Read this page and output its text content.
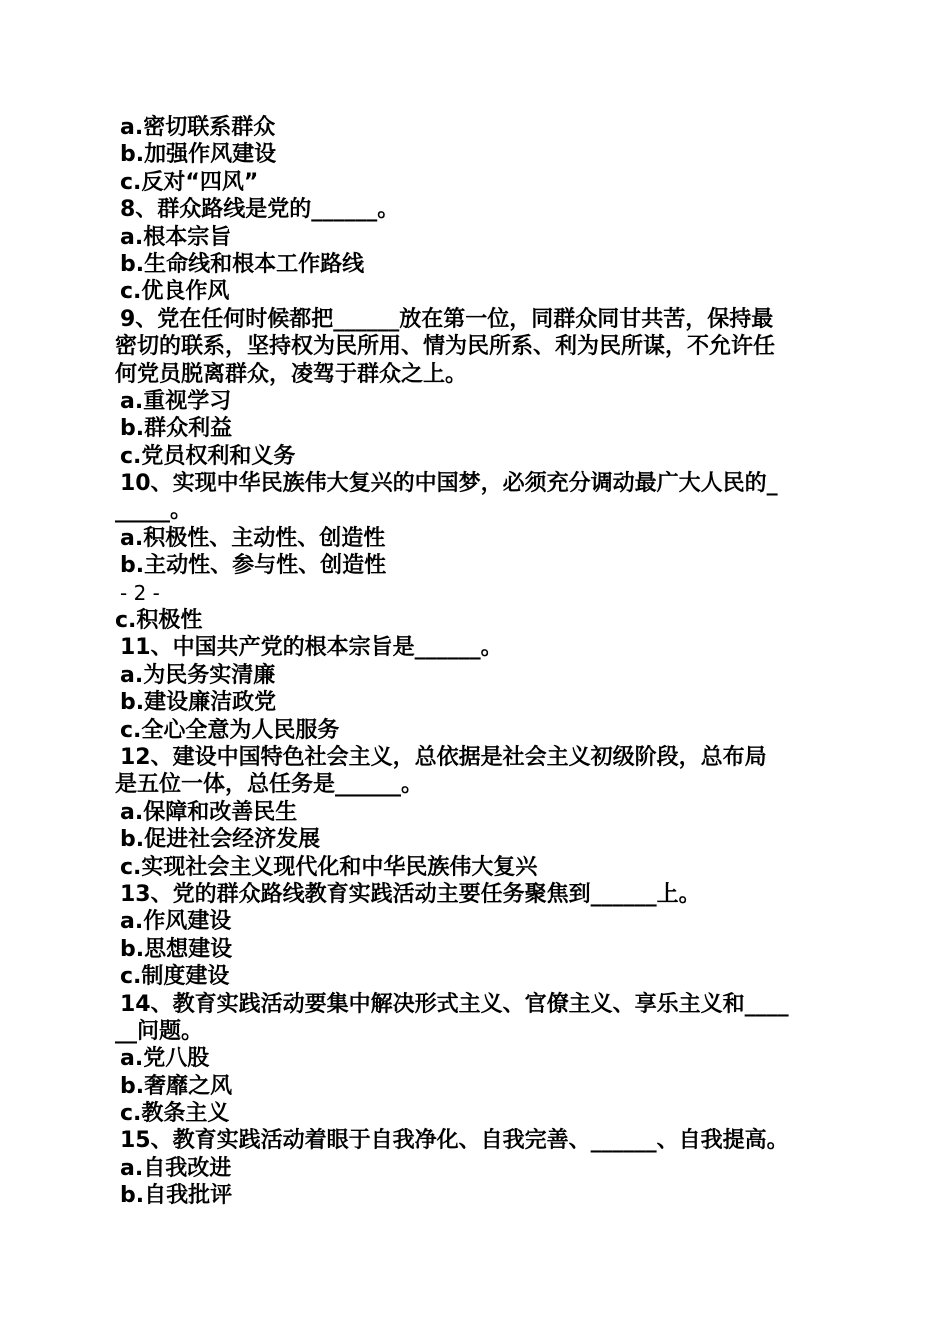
a.密切联系群众
b.加强作风建设
c.反对“四风”
8、群众路线是党的______。
a.根本宗旨
b.生命线和根本工作路线
c.优良作风
9、党在任何时候都把______放在第一位，同群众同甘共苦，保持最
密切的联系，坚持权为民所用、情为民所系、利为民所谋，不允许任
何党员脱离群众，凌驾于群众之上。
a.重视学习
b.群众利益
c.党员权利和义务
10、实现中华民族伟大复兴的中国梦，必须充分调动最广大人民的_
_____。
a.积极性、主动性、创造性
b.主动性、参与性、创造性
- 2 -
c.积极性
11、中国共产党的根本宗旨是______。
a.为民务实清廉
b.建设廉洁政党
c.全心全意为人民服务
12、建设中国特色社会主义，总依据是社会主义初级阶段，总布局
是五位一体，总任务是______。
a.保障和改善民生
b.促进社会经济发展
c.实现社会主义现代化和中华民族伟大复兴
13、党的群众路线教育实践活动主要任务聚焦到______上。
a.作风建设
b.思想建设
c.制度建设
14、教育实践活动要集中解决形式主义、官僚主义、享乐主义和____
__问题。
a.党八股
b.奢靡之风
c.教条主义
15、教育实践活动着眼于自我净化、自我完善、______、自我提高。
a.自我改进
b.自我批评
